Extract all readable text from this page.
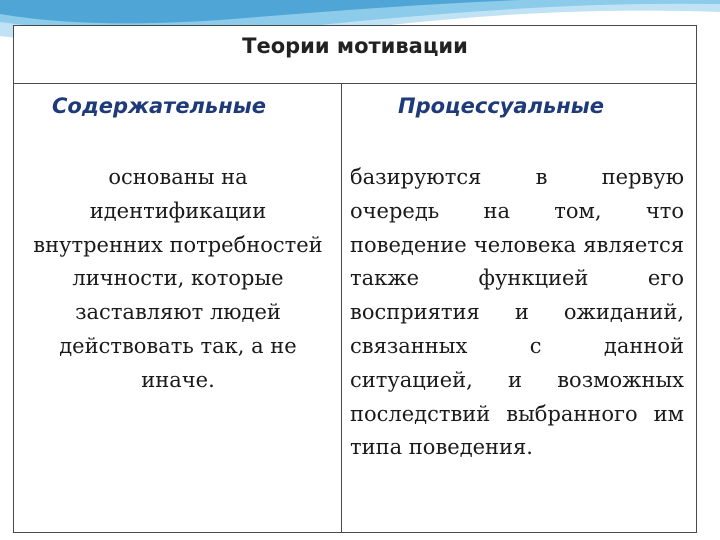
Теории мотивации
Содержательные	Процессуальные
основаны на идентификации внутренних потребностей личности, которые заставляют людей действовать так, а не иначе.
базируются в первую очередь на том, что поведение человека является также функцией его восприятия и ожиданий, связанных с данной ситуацией, и возможных последствий выбранного им типа поведения.
